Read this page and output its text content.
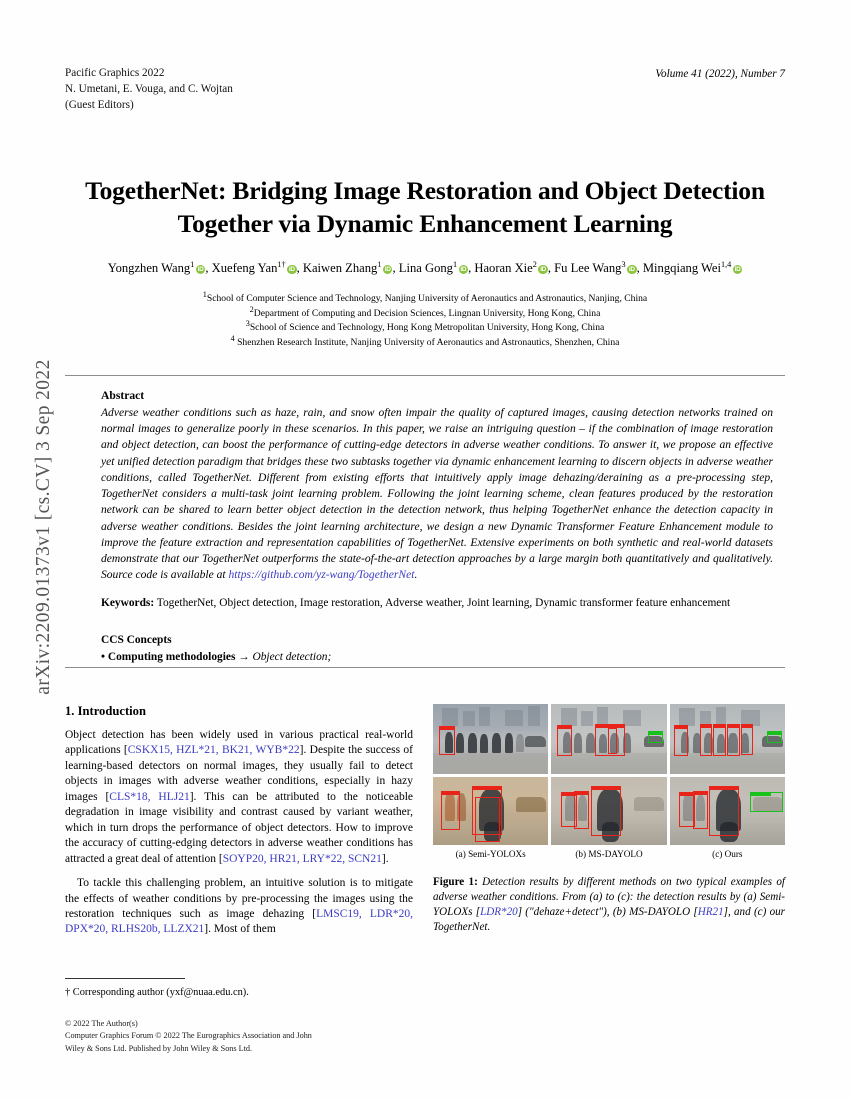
arXiv:2209.01373v1 [cs.CV] 3 Sep 2022
Pacific Graphics 2022
N. Umetani, E. Vouga, and C. Wojtan
(Guest Editors)
Volume 41 (2022), Number 7
TogetherNet: Bridging Image Restoration and Object Detection Together via Dynamic Enhancement Learning
Yongzhen Wang$^1$iD , Xuefeng Yan$^{1\dagger}$iD , Kaiwen Zhang$^1$iD , Lina Gong$^1$iD , Haoran Xie$^2$iD , Fu Lee Wang$^3$iD , Mingqiang Wei$^{1,4}$iD
1School of Computer Science and Technology, Nanjing University of Aeronautics and Astronautics, Nanjing, China
2Department of Computing and Decision Sciences, Lingnan University, Hong Kong, China
3School of Science and Technology, Hong Kong Metropolitan University, Hong Kong, China
4 Shenzhen Research Institute, Nanjing University of Aeronautics and Astronautics, Shenzhen, China
Abstract

Adverse weather conditions such as haze, rain, and snow often impair the quality of captured images, causing detection networks trained on normal images to generalize poorly in these scenarios. In this paper, we raise an intriguing question – if the combination of image restoration and object detection, can boost the performance of cutting-edge detectors in adverse weather conditions. To answer it, we propose an effective yet unified detection paradigm that bridges these two subtasks together via dynamic enhancement learning to discern objects in adverse weather conditions, called TogetherNet. Different from existing efforts that intuitively apply image dehazing/deraining as a pre-processing step, TogetherNet considers a multi-task joint learning problem. Following the joint learning scheme, clean features produced by the restoration network can be shared to learn better object detection in the detection network, thus helping TogetherNet enhance the detection capacity in adverse weather conditions. Besides the joint learning architecture, we design a new Dynamic Transformer Feature Enhancement module to improve the feature extraction and representation capabilities of TogetherNet. Extensive experiments on both synthetic and real-world datasets demonstrate that our TogetherNet outperforms the state-of-the-art detection approaches by a large margin both quantitatively and qualitatively. Source code is available at https://github.com/yz-wang/TogetherNet.

Keywords: TogetherNet, Object detection, Image restoration, Adverse weather, Joint learning, Dynamic transformer feature enhancement
CCS Concepts
• Computing methodologies → Object detection;
1. Introduction

Object detection has been widely used in various practical real-world applications [CSKX15, HZL*21, BK21, WYB*22]. Despite the success of learning-based detectors on normal images, they usually fail to detect objects in images with adverse weather conditions, especially in hazy images [CLS*18, HLJ21]. This can be attributed to the noticeable degradation in image visibility and contrast caused by variant weather, which in turn drops the performance of object detectors. How to improve the accuracy of cutting-edging detectors in adverse weather conditions has attracted a great deal of attention [SOYP20, HR21, LRY*22, SCN21].

To tackle this challenging problem, an intuitive solution is to mitigate the effects of weather conditions by pre-processing the images using the restoration techniques such as image dehazing [LMSC19, LDR*20, DPX*20, RLHS20b, LLZX21]. Most of them

† Corresponding author (yxf@nuaa.edu.cn).
© 2022 The Author(s)
Computer Graphics Forum © 2022 The Eurographics Association and John
Wiley & Sons Ltd. Published by John Wiley & Sons Ltd.
(a) Semi-YOLOXs	(b) MS-DAYOLO	(c) Ours
Figure 1: Detection results by different methods on two typical examples of adverse weather conditions. From (a) to (c): the detection results by (a) Semi-YOLOXs [LDR*20] ("dehaze+detect"), (b) MS-DAYOLO [HR21], and (c) our TogetherNet.
